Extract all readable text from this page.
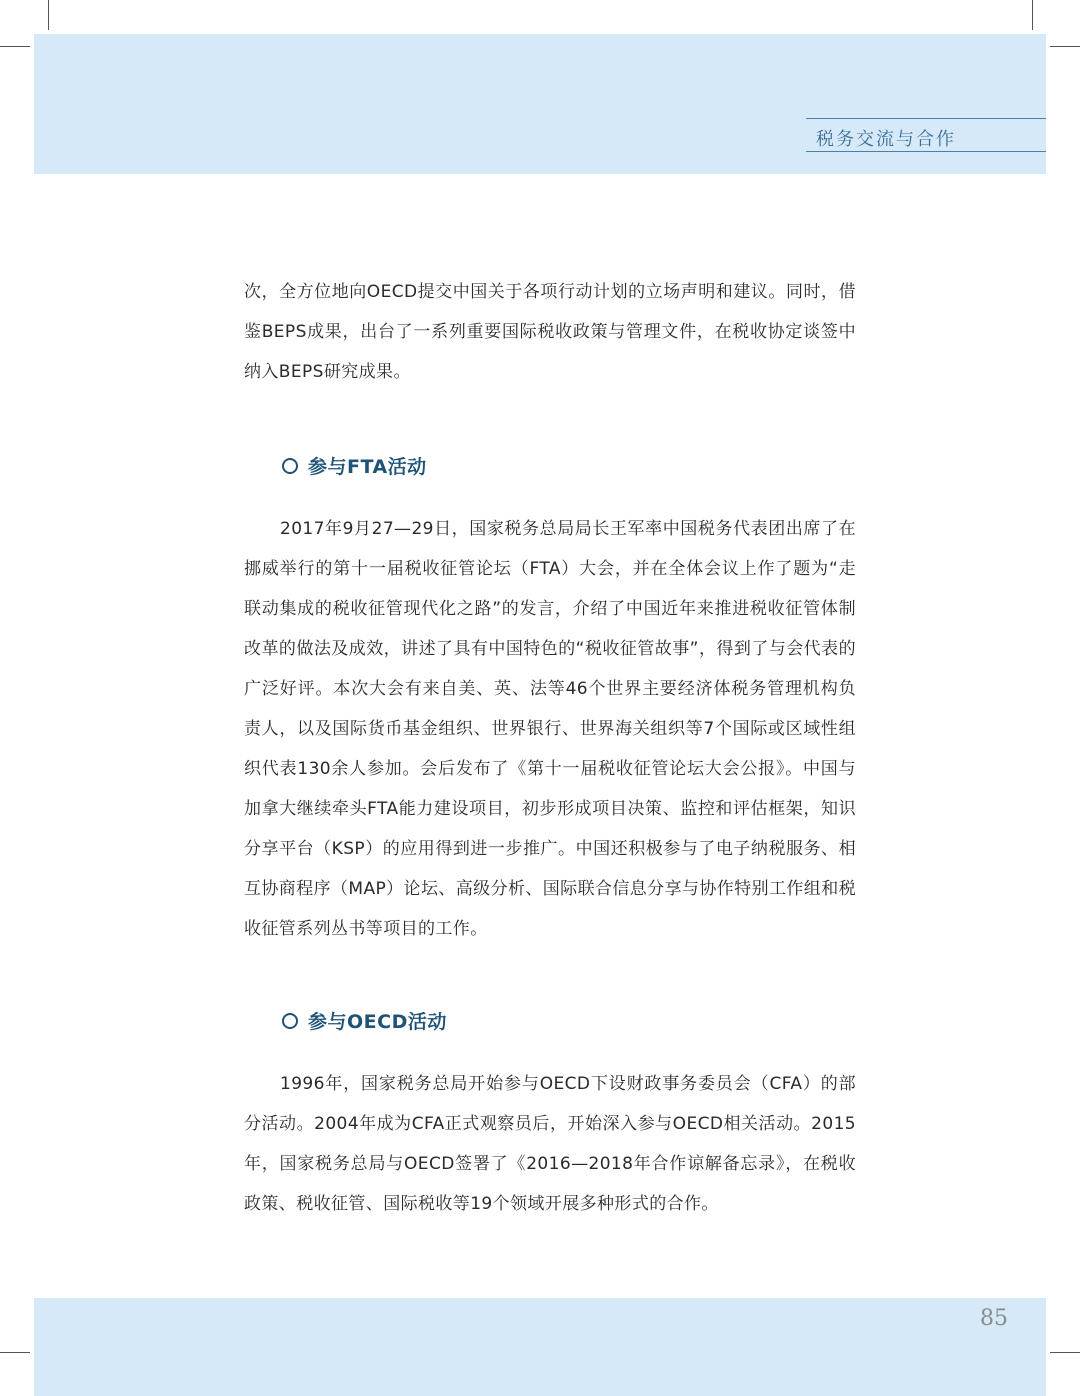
税务交流与合作

次，全方位地向OECD提交中国关于各项行动计划的立场声明和建议。同时，借鉴BEPS成果，出台了一系列重要国际税收政策与管理文件，在税收协定谈签中纳入BEPS研究成果。

参与FTA活动

2017年9月27—29日，国家税务总局局长王军率中国税务代表团出席了在挪威举行的第十一届税收征管论坛（FTA）大会，并在全体会议上作了题为“走联动集成的税收征管现代化之路”的发言，介绍了中国近年来推进税收征管体制改革的做法及成效，讲述了具有中国特色的“税收征管故事”，得到了与会代表的广泛好评。本次大会有来自美、英、法等46个世界主要经济体税务管理机构负责人，以及国际货币基金组织、世界银行、世界海关组织等7个国际或区域性组织代表130余人参加。会后发布了《第十一届税收征管论坛大会公报》。中国与加拿大继续牵头FTA能力建设项目，初步形成项目决策、监控和评估框架，知识分享平台（KSP）的应用得到进一步推广。中国还积极参与了电子纳税服务、相互协商程序（MAP）论坛、高级分析、国际联合信息分享与协作特别工作组和税收征管系列丛书等项目的工作。

参与OECD活动

1996年，国家税务总局开始参与OECD下设财政事务委员会（CFA）的部分活动。2004年成为CFA正式观察员后，开始深入参与OECD相关活动。2015年，国家税务总局与OECD签署了《2016—2018年合作谅解备忘录》，在税收政策、税收征管、国际税收等19个领域开展多种形式的合作。

85
